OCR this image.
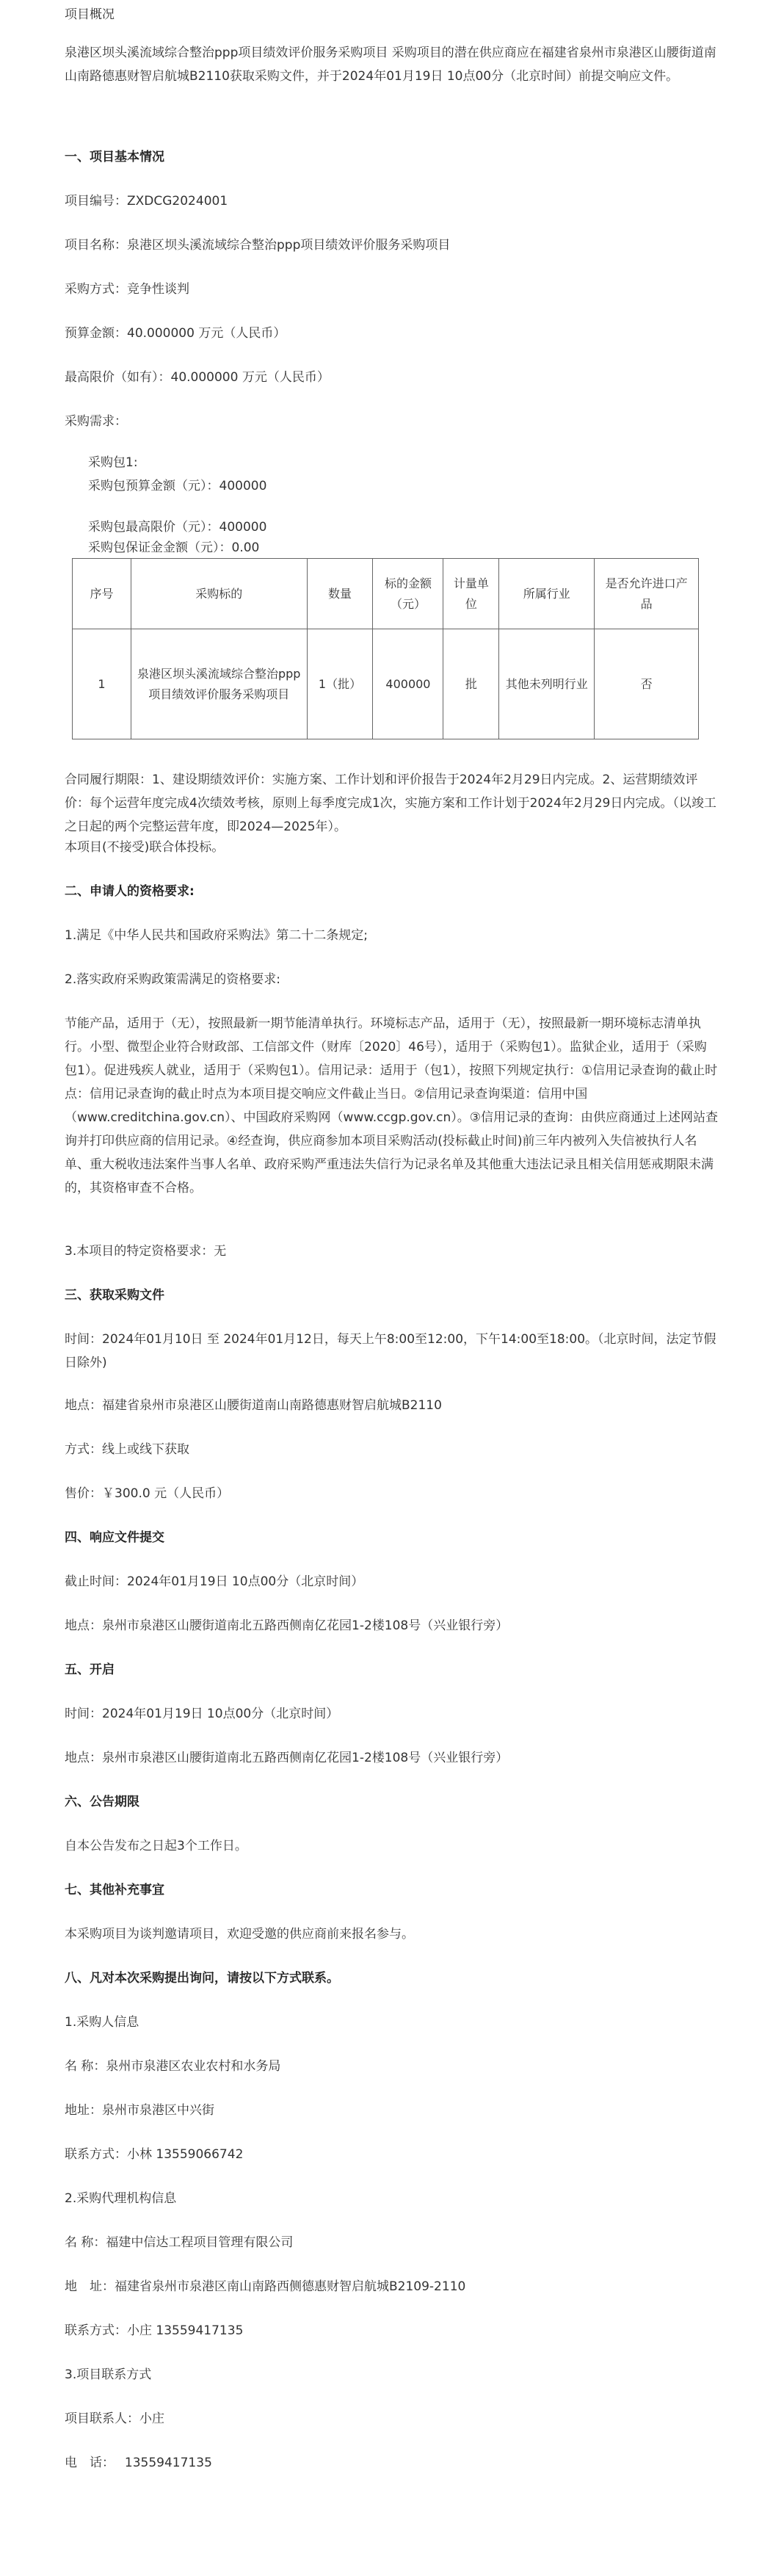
项目概况

泉港区坝头溪流域综合整治ppp项目绩效评价服务采购项目 采购项目的潜在供应商应在福建省泉州市泉港区山腰街道南山南路德惠财智启航城B2110获取采购文件，并于2024年01月19日 10点00分（北京时间）前提交响应文件。

一、项目基本情况

项目编号：ZXDCG2024001

项目名称：泉港区坝头溪流域综合整治ppp项目绩效评价服务采购项目

采购方式：竞争性谈判

预算金额：40.000000 万元（人民币）

最高限价（如有）：40.000000 万元（人民币）

采购需求：

采购包1:

采购包预算金额（元）：400000

采购包最高限价（元）：400000

采购包保证金金额（元）：0.00

序号	采购标的	数量	标的金额（元）	计量单位	所属行业	是否允许进口产品
1	泉港区坝头溪流域综合整治ppp项目绩效评价服务采购项目	1（批）	400000	批	其他未列明行业	否

合同履行期限：1、建设期绩效评价：实施方案、工作计划和评价报告于2024年2月29日内完成。2、运营期绩效评价：每个运营年度完成4次绩效考核，原则上每季度完成1次，实施方案和工作计划于2024年2月29日内完成。（以竣工之日起的两个完整运营年度，即2024—2025年）。

本项目(不接受)联合体投标。

二、申请人的资格要求:

1.满足《中华人民共和国政府采购法》第二十二条规定;

2.落实政府采购政策需满足的资格要求:

节能产品，适用于（无），按照最新一期节能清单执行。环境标志产品，适用于（无），按照最新一期环境标志清单执行。小型、微型企业符合财政部、工信部文件（财库〔2020〕46号），适用于（采购包1）。监狱企业，适用于（采购包1）。促进残疾人就业，适用于（采购包1）。信用记录：适用于（包1），按照下列规定执行：①信用记录查询的截止时点：信用记录查询的截止时点为本项目提交响应文件截止当日。②信用记录查询渠道：信用中国（www.creditchina.gov.cn）、中国政府采购网（www.ccgp.gov.cn）。③信用记录的查询：由供应商通过上述网站查询并打印供应商的信用记录。④经查询，供应商参加本项目采购活动(投标截止时间)前三年内被列入失信被执行人名单、重大税收违法案件当事人名单、政府采购严重违法失信行为记录名单及其他重大违法记录且相关信用惩戒期限未满的，其资格审查不合格。

3.本项目的特定资格要求：无

三、获取采购文件

时间：2024年01月10日 至 2024年01月12日，每天上午8:00至12:00，下午14:00至18:00。（北京时间，法定节假日除外)

地点：福建省泉州市泉港区山腰街道南山南路德惠财智启航城B2110

方式：线上或线下获取

售价：￥300.0 元（人民币）

四、响应文件提交

截止时间：2024年01月19日 10点00分（北京时间）

地点：泉州市泉港区山腰街道南北五路西侧南亿花园1-2楼108号（兴业银行旁）

五、开启

时间：2024年01月19日 10点00分（北京时间）

地点：泉州市泉港区山腰街道南北五路西侧南亿花园1-2楼108号（兴业银行旁）

六、公告期限

自本公告发布之日起3个工作日。

七、其他补充事宜

本采购项目为谈判邀请项目，欢迎受邀的供应商前来报名参与。

八、凡对本次采购提出询问，请按以下方式联系。

1.采购人信息

名 称：泉州市泉港区农业农村和水务局

地址：泉州市泉港区中兴街

联系方式：小林 13559066742

2.采购代理机构信息

名 称：福建中信达工程项目管理有限公司

地　址：福建省泉州市泉港区南山南路西侧德惠财智启航城B2109-2110

联系方式：小庄 13559417135

3.项目联系方式

项目联系人：小庄

电　话：　 13559417135
